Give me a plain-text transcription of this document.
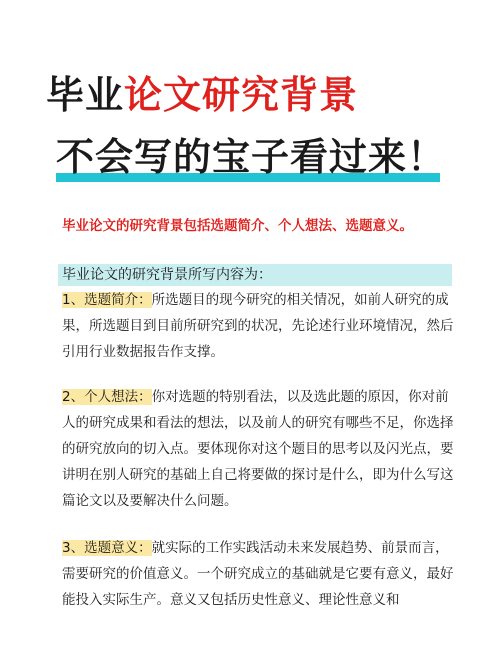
毕业论文研究背景
不会写的宝子看过来！
毕业论文的研究背景包括选题简介、个人想法、选题意义。
毕业论文的研究背景所写内容为：
1、选题简介：所选题目的现今研究的相关情况，如前人研究的成果，所选题目到目前所研究到的状况，先论述行业环境情况，然后引用行业数据报告作支撑。
2、个人想法：你对选题的特别看法，以及选此题的原因，你对前人的研究成果和看法的想法，以及前人的研究有哪些不足，你选择的研究放向的切入点。要体现你对这个题目的思考以及闪光点，要讲明在别人研究的基础上自己将要做的探讨是什么，即为什么写这篇论文以及要解决什么问题。
3、选题意义：就实际的工作实践活动未来发展趋势、前景而言，需要研究的价值意义。一个研究成立的基础就是它要有意义，最好能投入实际生产。意义又包括历史性意义、理论性意义和
